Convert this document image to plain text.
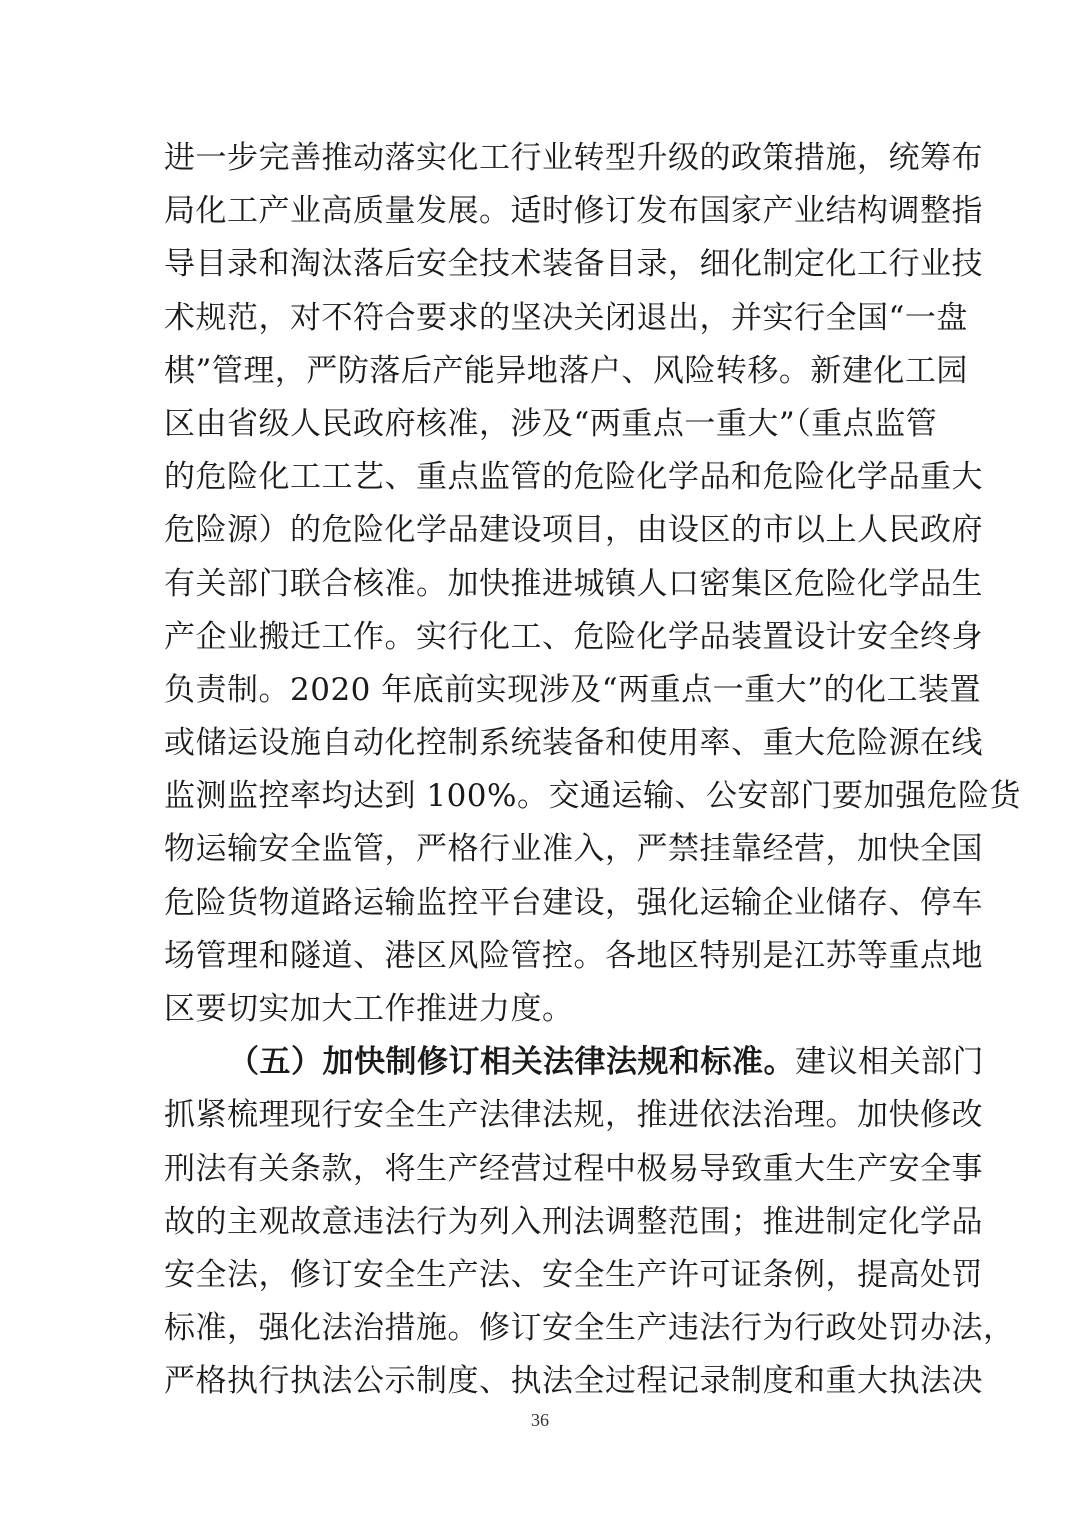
进一步完善推动落实化工行业转型升级的政策措施，统筹布
局化工产业高质量发展。适时修订发布国家产业结构调整指
导目录和淘汰落后安全技术装备目录，细化制定化工行业技
术规范，对不符合要求的坚决关闭退出，并实行全国“一盘
棋”管理，严防落后产能异地落户、风险转移。新建化工园
区由省级人民政府核准，涉及“两重点一重大”（重点监管
的危险化工工艺、重点监管的危险化学品和危险化学品重大
危险源）的危险化学品建设项目，由设区的市以上人民政府
有关部门联合核准。加快推进城镇人口密集区危险化学品生
产企业搬迁工作。实行化工、危险化学品装置设计安全终身
负责制。2020 年底前实现涉及“两重点一重大”的化工装置
或储运设施自动化控制系统装备和使用率、重大危险源在线
监测监控率均达到 100%。交通运输、公安部门要加强危险货
物运输安全监管，严格行业准入，严禁挂靠经营，加快全国
危险货物道路运输监控平台建设，强化运输企业储存、停车
场管理和隧道、港区风险管控。各地区特别是江苏等重点地
区要切实加大工作推进力度。
（五）加快制修订相关法律法规和标准。建议相关部门
抓紧梳理现行安全生产法律法规，推进依法治理。加快修改
刑法有关条款，将生产经营过程中极易导致重大生产安全事
故的主观故意违法行为列入刑法调整范围；推进制定化学品
安全法，修订安全生产法、安全生产许可证条例，提高处罚
标准，强化法治措施。修订安全生产违法行为行政处罚办法，
严格执行执法公示制度、执法全过程记录制度和重大执法决
36
